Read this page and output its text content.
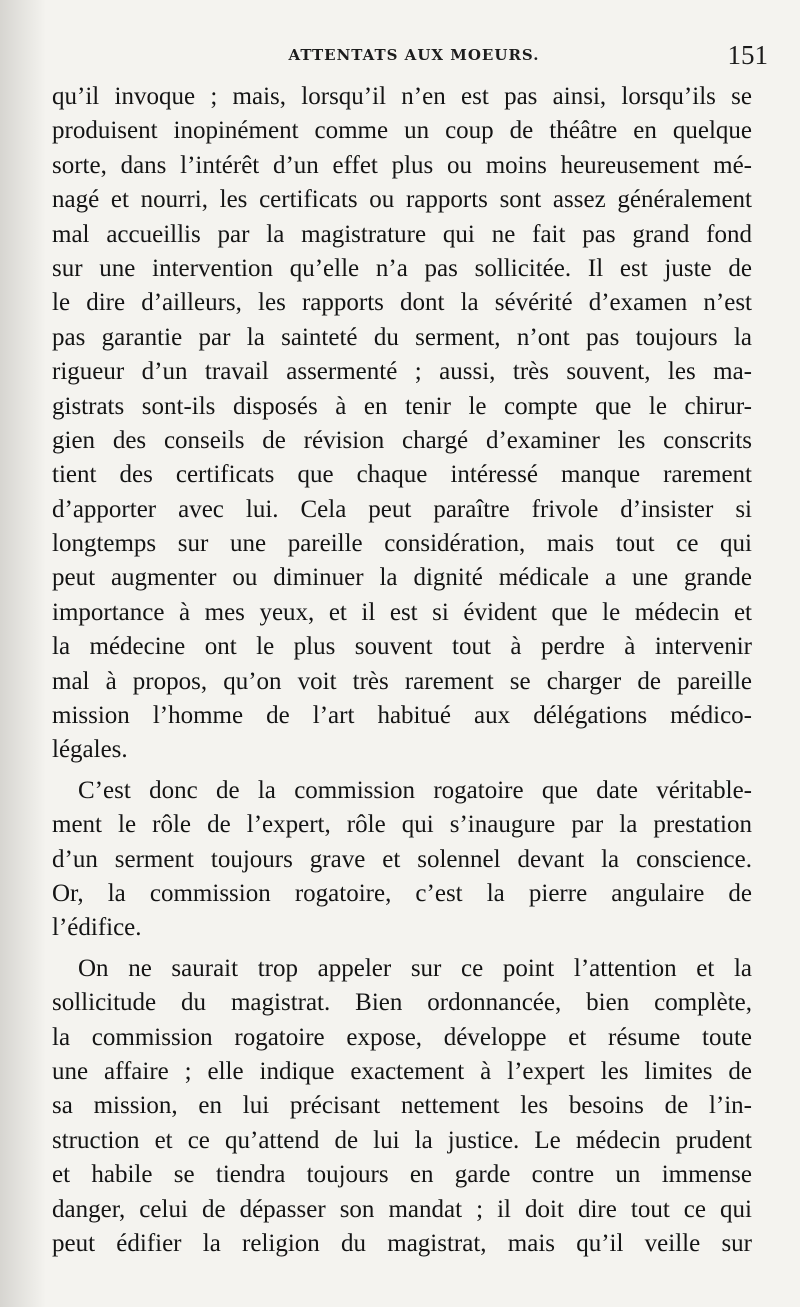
ATTENTATS AUX MOEURS.	151
qu’il invoque ; mais, lorsqu’il n’en est pas ainsi, lorsqu’ils se
produisent inopinément comme un coup de théâtre en quelque
sorte, dans l’intérêt d’un effet plus ou moins heureusement mé-
nagé et nourri, les certificats ou rapports sont assez généralement
mal accueillis par la magistrature qui ne fait pas grand fond
sur une intervention qu’elle n’a pas sollicitée. Il est juste de
le dire d’ailleurs, les rapports dont la sévérité d’examen n’est
pas garantie par la sainteté du serment, n’ont pas toujours la
rigueur d’un travail assermenté ; aussi, très souvent, les ma-
gistrats sont-ils disposés à en tenir le compte que le chirur-
gien des conseils de révision chargé d’examiner les conscrits
tient des certificats que chaque intéressé manque rarement
d’apporter avec lui. Cela peut paraître frivole d’insister si
longtemps sur une pareille considération, mais tout ce qui
peut augmenter ou diminuer la dignité médicale a une grande
importance à mes yeux, et il est si évident que le médecin et
la médecine ont le plus souvent tout à perdre à intervenir
mal à propos, qu’on voit très rarement se charger de pareille
mission l’homme de l’art habitué aux délégations médico-
légales.
C’est donc de la commission rogatoire que date véritable-
ment le rôle de l’expert, rôle qui s’inaugure par la prestation
d’un serment toujours grave et solennel devant la conscience.
Or, la commission rogatoire, c’est la pierre angulaire de
l’édifice.
On ne saurait trop appeler sur ce point l’attention et la
sollicitude du magistrat. Bien ordonnancée, bien complète,
la commission rogatoire expose, développe et résume toute
une affaire ; elle indique exactement à l’expert les limites de
sa mission, en lui précisant nettement les besoins de l’in-
struction et ce qu’attend de lui la justice. Le médecin prudent
et habile se tiendra toujours en garde contre un immense
danger, celui de dépasser son mandat ; il doit dire tout ce qui
peut édifier la religion du magistrat, mais qu’il veille sur
